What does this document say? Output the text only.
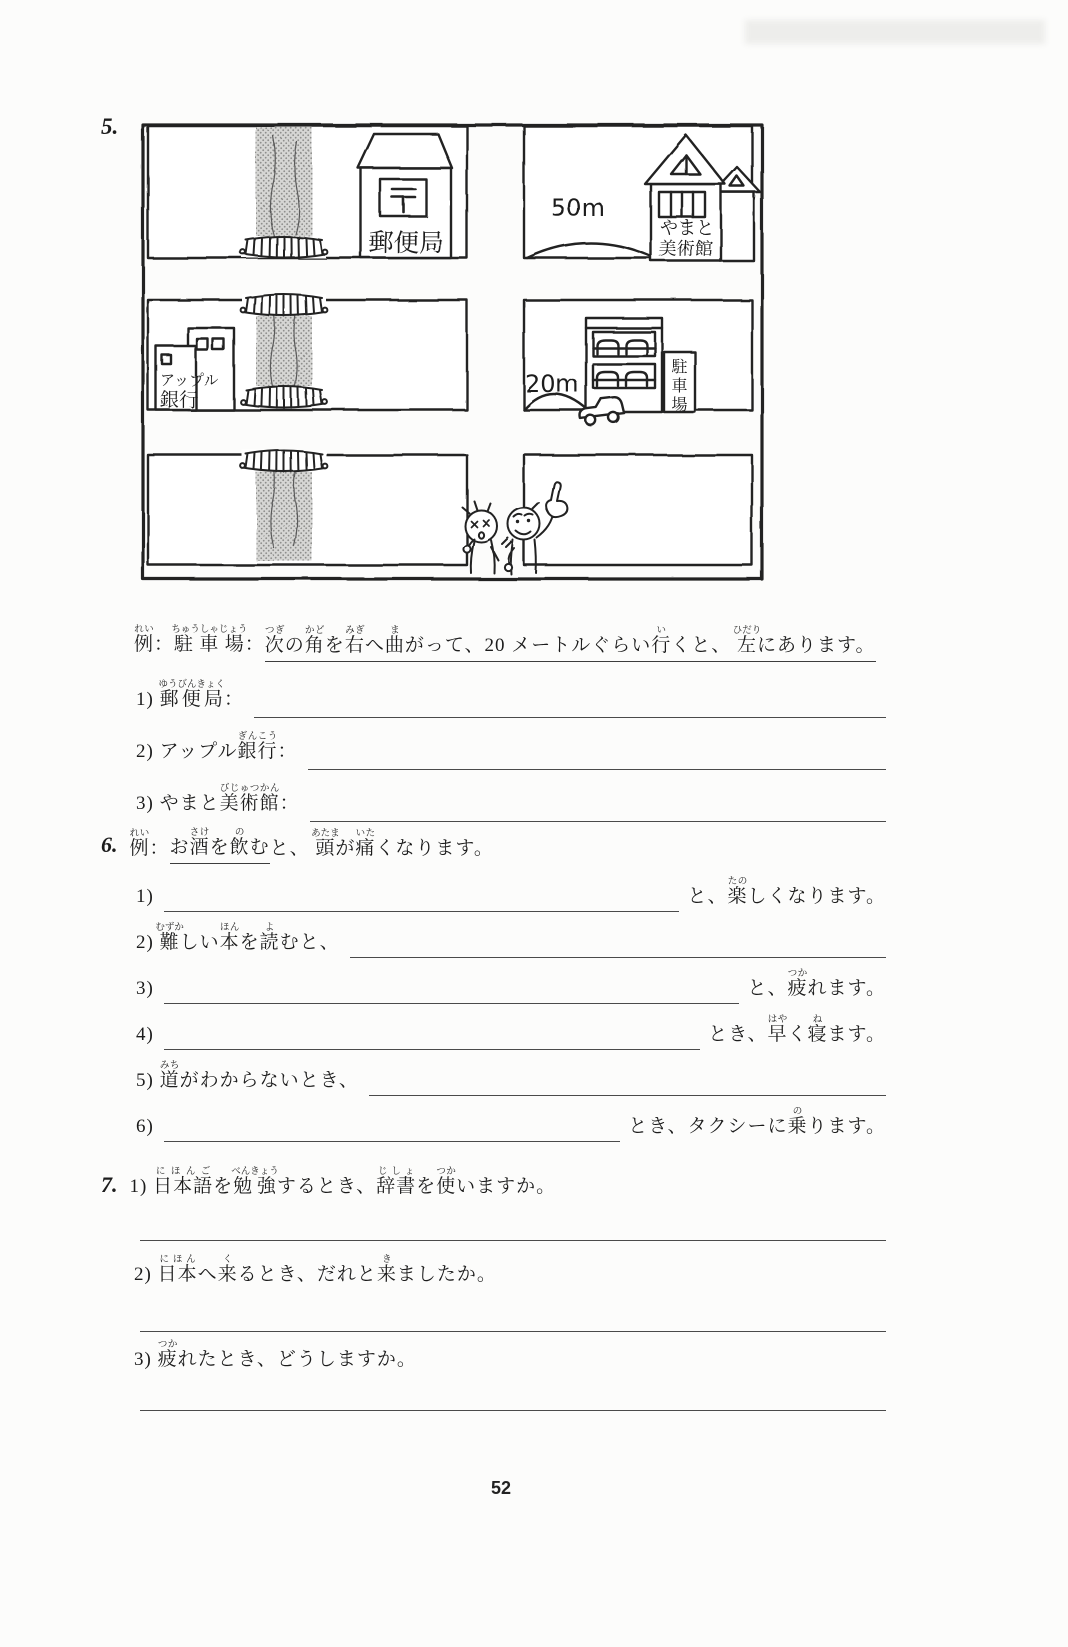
5.
郵便局
50m
やまと
美術館
アップル
銀行
20m
駐
車
場
例れい：駐車場ちゅうしゃじょう： 次つぎの角かどを右みぎへ曲まがって、20 メートルぐらい行いくと、 左ひだりにあります。
1) 郵便局ゆうびんきょく：
2) アップル銀行ぎんこう：
3) やまと美術館びじゅつかん：
6. 例れい： お酒さけを飲のむ と、 頭あたまが痛いたくなります。
1)	と、楽たのしくなります。
2) 難むずかしい本ほんを読よむと、
3)	と、疲つかれます。
4)	とき、早はやく寝ねます。
5) 道みちがわからないとき、
6)	とき、タクシーに乗のります。
7. 1) 日本語にほんごを勉強べんきょうするとき、辞書じしょを使つかいますか。
2) 日本にほんへ来くるとき、だれと来きましたか。
3) 疲つかれたとき、どうしますか。
52
